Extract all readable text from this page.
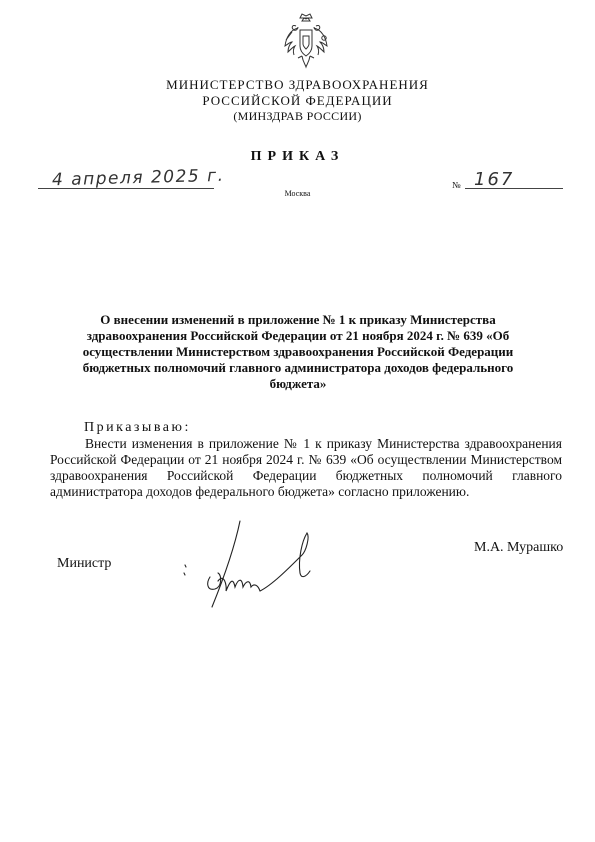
МИНИСТЕРСТВО ЗДРАВООХРАНЕНИЯ
РОССИЙСКОЙ ФЕДЕРАЦИИ
(МИНЗДРАВ РОССИИ)
ПРИКАЗ
4 апреля 2025 г.
Москва
№ 167
О внесении изменений в приложение № 1 к приказу Министерства здравоохранения Российской Федерации от 21 ноября 2024 г. № 639 «Об осуществлении Министерством здравоохранения Российской Федерации бюджетных полномочий главного администратора доходов федерального бюджета»
Приказываю:
Внести изменения в приложение № 1 к приказу Министерства здравоохранения Российской Федерации от 21 ноября 2024 г. № 639 «Об осуществлении Министерством здравоохранения Российской Федерации бюджетных полномочий главного администратора доходов федерального бюджета» согласно приложению.
Министр
М.А. Мурашко
